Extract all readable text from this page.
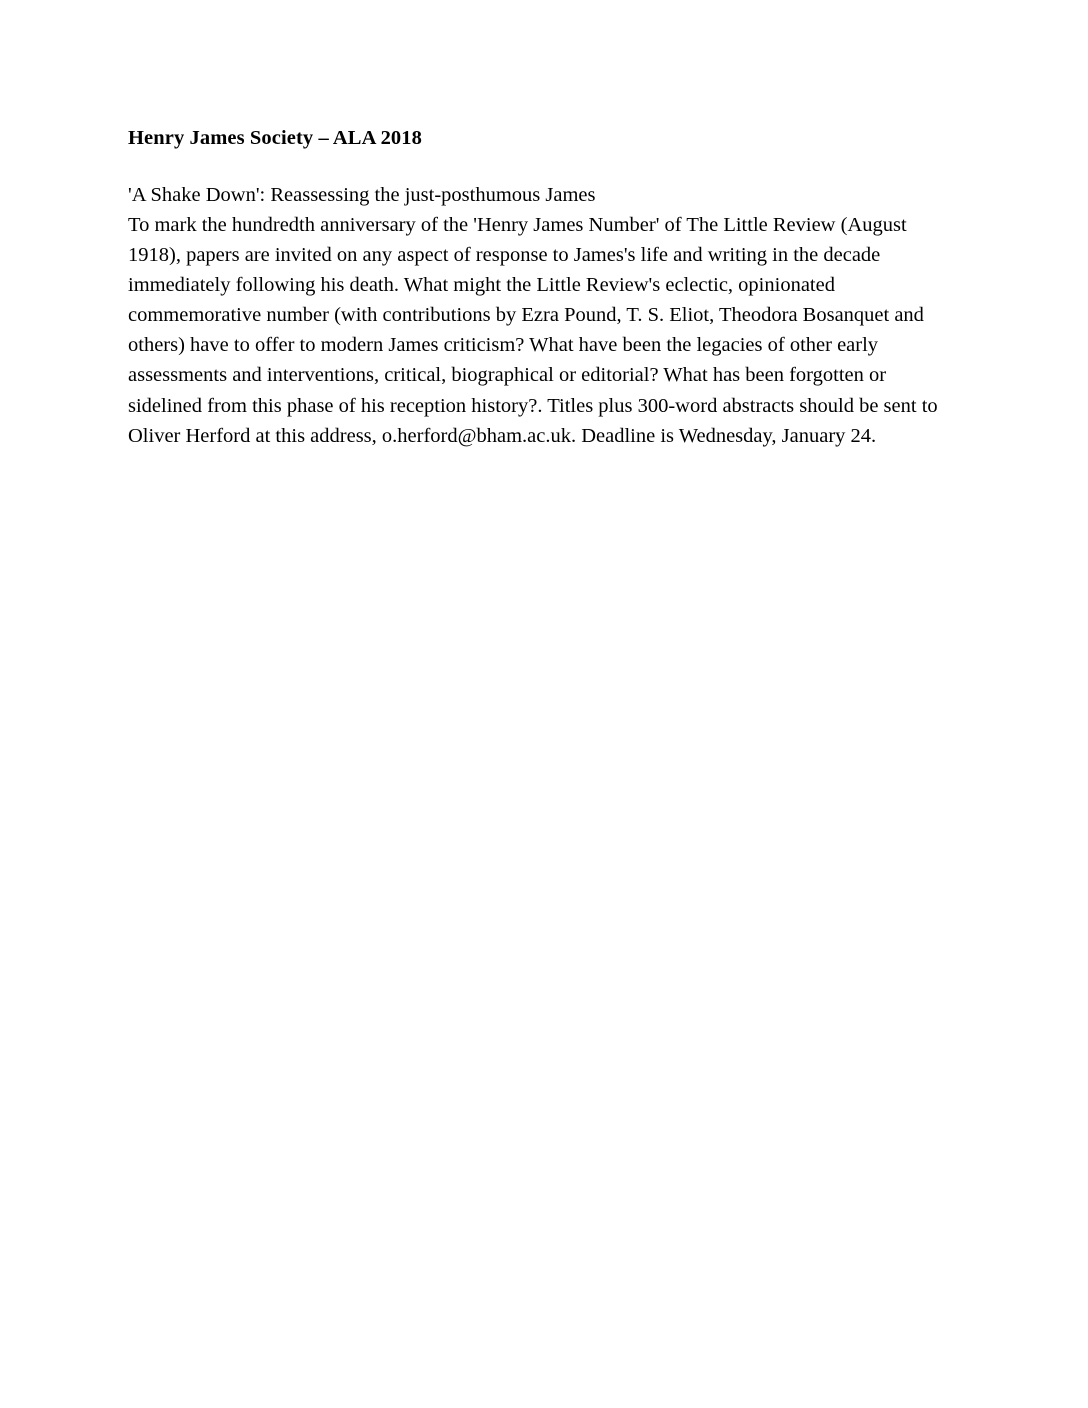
Henry James Society – ALA 2018

'A Shake Down': Reassessing the just-posthumous James

To mark the hundredth anniversary of the 'Henry James Number' of The Little Review (August 1918), papers are invited on any aspect of response to James's life and writing in the decade immediately following his death. What might the Little Review's eclectic, opinionated commemorative number (with contributions by Ezra Pound, T. S. Eliot, Theodora Bosanquet and others) have to offer to modern James criticism? What have been the legacies of other early assessments and interventions, critical, biographical or editorial? What has been forgotten or sidelined from this phase of his reception history?. Titles plus 300-word abstracts should be sent to Oliver Herford at this address, o.herford@bham.ac.uk. Deadline is Wednesday, January 24.
